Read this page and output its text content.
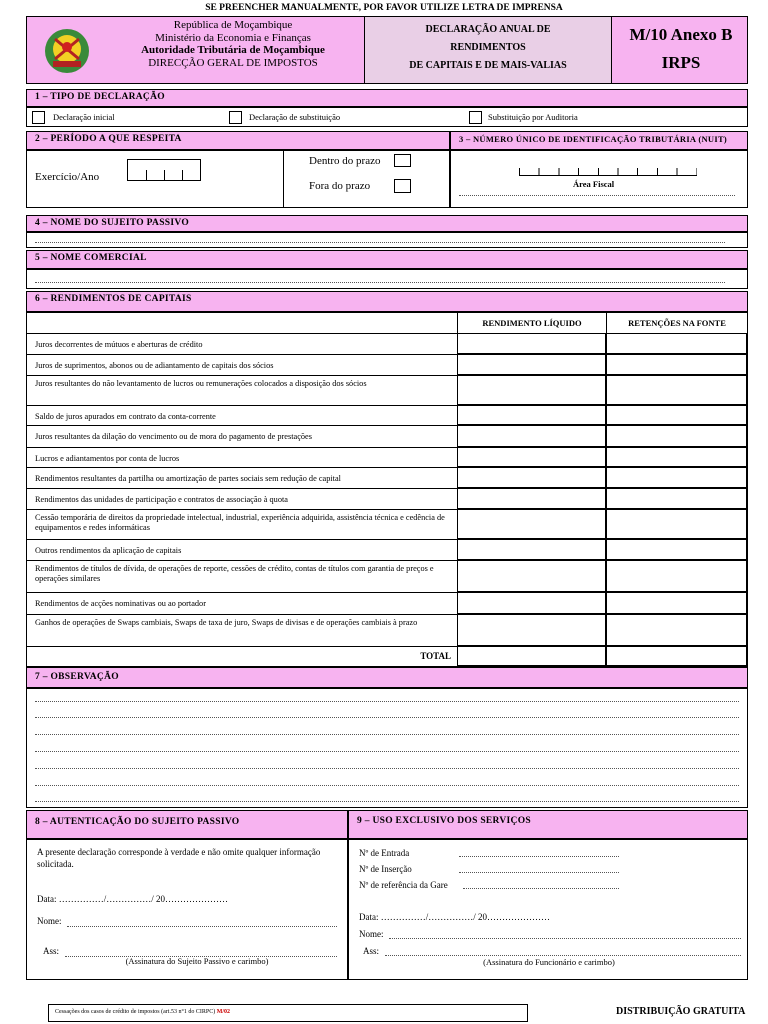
SE PREENCHER MANUALMENTE, POR FAVOR UTILIZE LETRA DE IMPRENSA
República de Moçambique
Ministério da Economia e Finanças
Autoridade Tributária de Moçambique
DIRECÇÃO GERAL DE IMPOSTOS
DECLARAÇÃO ANUAL DE
RENDIMENTOS
DE CAPITAIS E DE MAIS-VALIAS
M/10 Anexo B
IRPS
1 – TIPO DE DECLARAÇÃO
Declaração inicial	Declaração de substituição	Substituição por Auditoria
2 – PERÍODO A QUE RESPEITA	3 – NÚMERO ÚNICO DE IDENTIFICAÇÃO TRIBUTÁRIA (NUIT)
Exercício/Ano
Dentro do prazo
Fora do prazo	Área Fiscal
4 – NOME DO SUJEITO PASSIVO
5 – NOME COMERCIAL
6 – RENDIMENTOS DE CAPITAIS
RENDIMENTO LÍQUIDO	RETENÇÕES NA FONTE
Juros decorrentes de mútuos e aberturas de crédito
Juros de suprimentos, abonos ou de adiantamento de capitais dos sócios
Juros resultantes do não levantamento de lucros ou remunerações colocados a disposição dos sócios
Saldo de juros apurados em contrato da conta-corrente
Juros resultantes da dilação do vencimento ou de mora do pagamento de prestações
Lucros e adiantamentos por conta de lucros
Rendimentos resultantes da partilha ou amortização de partes sociais sem redução de capital
Rendimentos das unidades de participação e contratos de associação à quota
Cessão temporária de direitos da propriedade intelectual, industrial, experiência adquirida, assistência técnica e cedência de equipamentos e redes informáticas
Outros rendimentos da aplicação de capitais
Rendimentos de títulos de dívida, de operações de reporte, cessões de crédito, contas de títulos com garantia de preços e operações similares
Rendimentos de acções nominativas ou ao portador
Ganhos de operações de Swaps cambiais, Swaps de taxa de juro, Swaps de divisas e de operações cambiais à prazo
TOTAL
7 – OBSERVAÇÃO
8 – AUTENTICAÇÃO DO SUJEITO PASSIVO
A presente declaração corresponde à verdade e não omite qualquer informação solicitada.
Data: ……………/……………/ 20…………………
Nome:
Ass:
(Assinatura do Sujeito Passivo e carimbo)
9 – USO EXCLUSIVO DOS SERVIÇOS
Nº de Entrada
Nº de Inserção
Nº de referência da Gare
Data: ……………/……………/ 20…………………
Nome:
Ass:
(Assinatura do Funcionário e carimbo)
Cessações dos casos de crédito de impostos (art.53 n°1 do CIRPC) M/02	DISTRIBUIÇÃO GRATUITA
